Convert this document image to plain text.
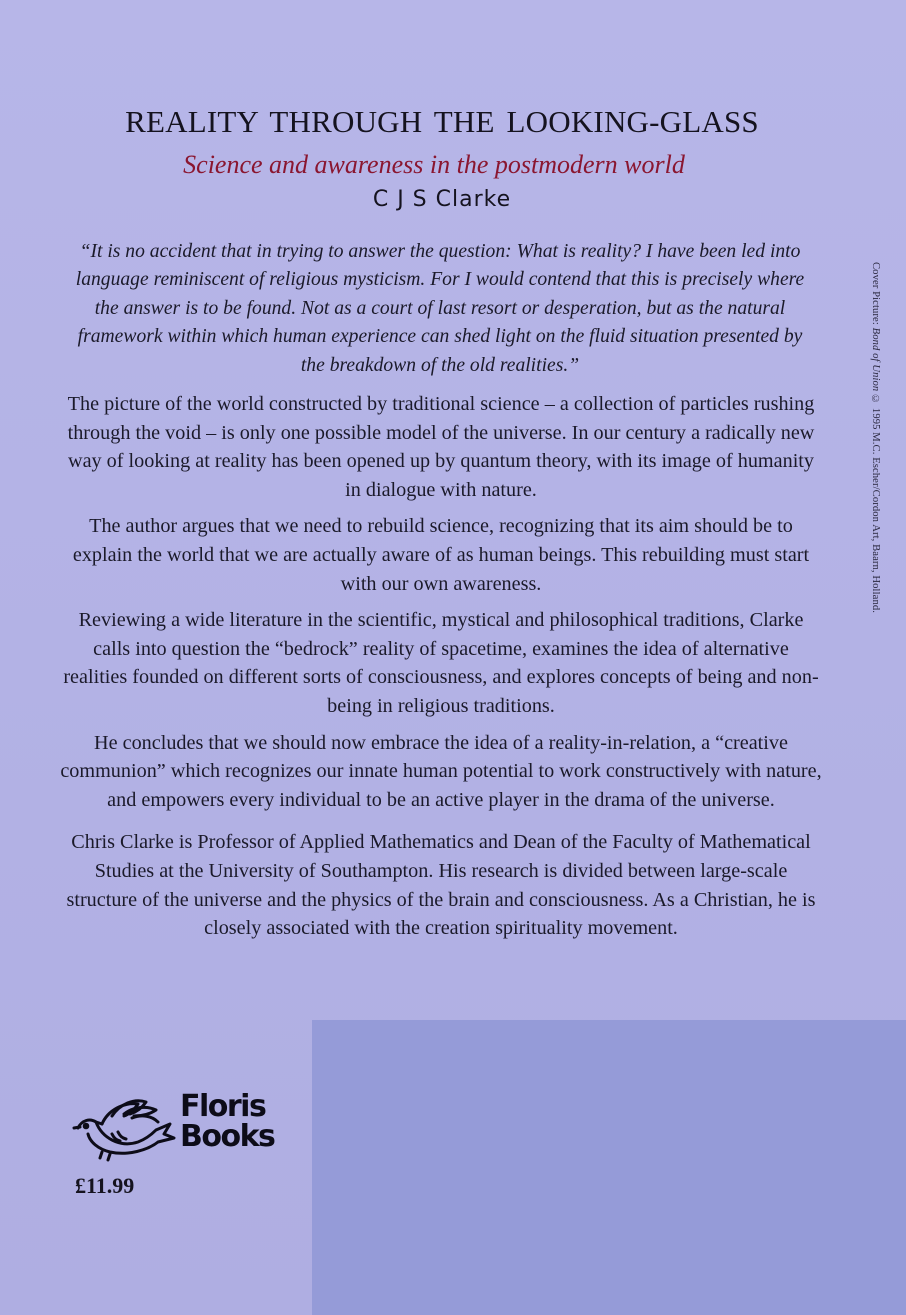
REALITY THROUGH THE LOOKING-GLASS
Science and awareness in the postmodern world
C J S Clarke

“It is no accident that in trying to answer the question: What is reality? I have been led into language reminiscent of religious mysticism. For I would contend that this is precisely where the answer is to be found. Not as a court of last resort or desperation, but as the natural framework within which human experience can shed light on the fluid situation presented by the breakdown of the old realities.”

The picture of the world constructed by traditional science – a collection of particles rushing through the void – is only one possible model of the universe. In our century a radically new way of looking at reality has been opened up by quantum theory, with its image of humanity in dialogue with nature.

The author argues that we need to rebuild science, recognizing that its aim should be to explain the world that we are actually aware of as human beings. This rebuilding must start with our own awareness.

Reviewing a wide literature in the scientific, mystical and philosophical traditions, Clarke calls into question the “bedrock” reality of spacetime, examines the idea of alternative realities founded on different sorts of consciousness, and explores concepts of being and non-being in religious traditions.

He concludes that we should now embrace the idea of a reality-in-relation, a “creative communion” which recognizes our innate human potential to work constructively with nature, and empowers every individual to be an active player in the drama of the universe.

Chris Clarke is Professor of Applied Mathematics and Dean of the Faculty of Mathematical Studies at the University of Southampton. His research is divided between large-scale structure of the universe and the physics of the brain and consciousness. As a Christian, he is closely associated with the creation spirituality movement.

Cover Picture: Bond of Union © 1995 M.C. Escher/Cordon Art, Baarn, Holland.
Floris
Books
£11.99
